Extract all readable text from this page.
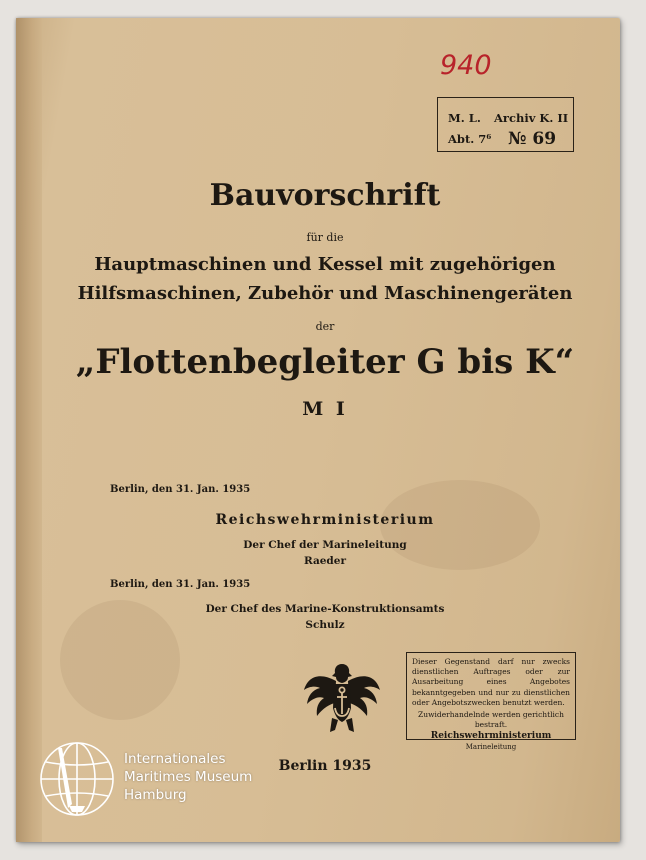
940
M. L. Archiv K. II
Abt. 7⁶ № 69
Bauvorschrift
für die
Hauptmaschinen und Kessel mit zugehörigen
Hilfsmaschinen, Zubehör und Maschinengeräten
der
„Flottenbegleiter G bis K“
M I
Berlin, den 31. Jan. 1935
Reichswehrministerium
Der Chef der Marineleitung
Raeder
Berlin, den 31. Jan. 1935
Der Chef des Marine-Konstruktionsamts
Schulz
Dieser Gegenstand darf nur zwecks dienstlichen Auftrages oder zur Ausarbeitung eines Angebotes bekanntgegeben und nur zu dienstlichen oder Angebotszwecken benutzt werden.
Zuwiderhandelnde werden gerichtlich bestraft.
Reichswehrministerium
Marineleitung
Berlin 1935
Internationales
Maritimes Museum
Hamburg
